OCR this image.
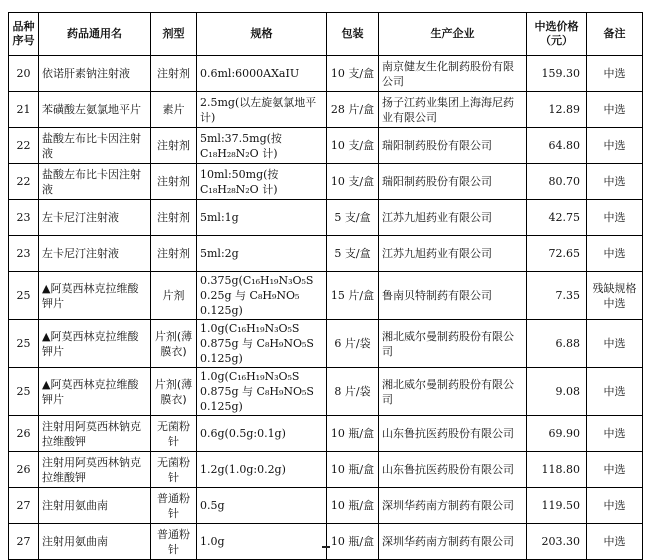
品种序号	药品通用名	剂型	规格	包装	生产企业	中选价格（元）	备注
20	依诺肝素钠注射液	注射剂	0.6ml:6000AXaIU	10 支/盒	南京健友生化制药股份有限公司	159.30	中选
21	苯磺酸左氨氯地平片	素片	2.5mg(以左旋氨氯地平计)	28 片/盒	扬子江药业集团上海海尼药业有限公司	12.89	中选
22	盐酸左布比卡因注射液	注射剂	5ml:37.5mg(按 C₁₈H₂₈N₂O 计)	10 支/盒	瑞阳制药股份有限公司	64.80	中选
22	盐酸左布比卡因注射液	注射剂	10ml:50mg(按 C₁₈H₂₈N₂O 计)	10 支/盒	瑞阳制药股份有限公司	80.70	中选
23	左卡尼汀注射液	注射剂	5ml:1g	5 支/盒	江苏九旭药业有限公司	42.75	中选
23	左卡尼汀注射液	注射剂	5ml:2g	5 支/盒	江苏九旭药业有限公司	72.65	中选
25	▲阿莫西林克拉维酸钾片	片剂	0.375g(C₁₆H₁₉N₃O₅S 0.25g 与 C₈H₉NO₅ 0.125g)	15 片/盒	鲁南贝特制药有限公司	7.35	残缺规格中选
25	▲阿莫西林克拉维酸钾片	片剂(薄膜衣)	1.0g(C₁₆H₁₉N₃O₅S 0.875g 与 C₈H₉NO₅S 0.125g)	6 片/袋	湘北威尔曼制药股份有限公司	6.88	中选
25	▲阿莫西林克拉维酸钾片	片剂(薄膜衣)	1.0g(C₁₆H₁₉N₃O₅S 0.875g 与 C₈H₉NO₅S 0.125g)	8 片/袋	湘北威尔曼制药股份有限公司	9.08	中选
26	注射用阿莫西林钠克拉维酸钾	无菌粉针	0.6g(0.5g:0.1g)	10 瓶/盒	山东鲁抗医药股份有限公司	69.90	中选
26	注射用阿莫西林钠克拉维酸钾	无菌粉针	1.2g(1.0g:0.2g)	10 瓶/盒	山东鲁抗医药股份有限公司	118.80	中选
27	注射用氨曲南	普通粉针	0.5g	10 瓶/盒	深圳华药南方制药有限公司	119.50	中选
27	注射用氨曲南	普通粉针	1.0g	10 瓶/盒	深圳华药南方制药有限公司	203.30	中选
